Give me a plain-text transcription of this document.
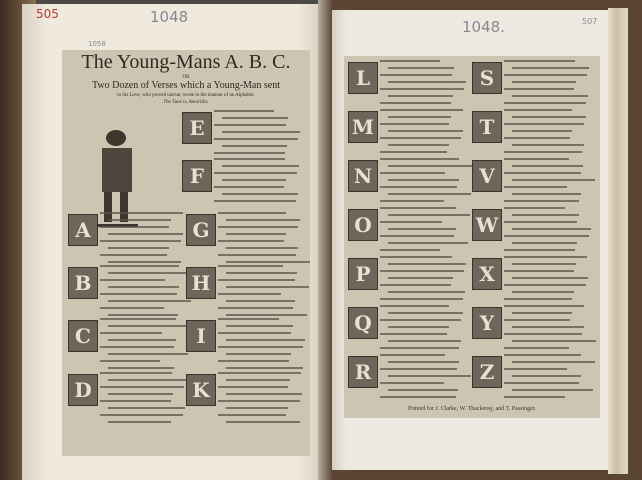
505	1048
1048.	507
1058
The Young-Mans A. B. C.
OR
Two Dozen of Verses which a Young-Man sent
to his Love, who proved untrue; wrote in the manner of an Alphabet.
The Tune is, Amarillis.
E
F
A	G
B	H
C	I
D	K
Printed for J. Clarke, W. Thackeray, and T. Passinger.
L	S
M	T
N	V
O	W
P	X
Q	Y
R	Z
